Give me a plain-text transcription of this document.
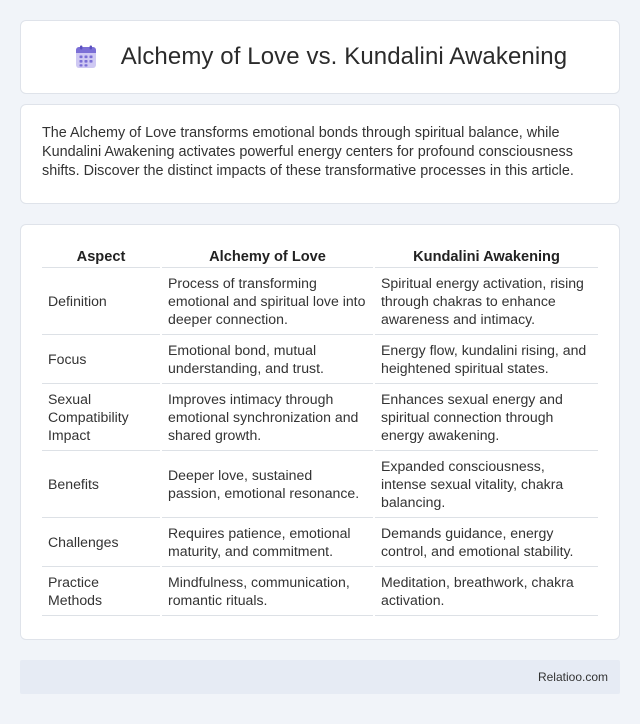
Alchemy of Love vs. Kundalini Awakening

The Alchemy of Love transforms emotional bonds through spiritual balance, while Kundalini Awakening activates powerful energy centers for profound consciousness shifts. Discover the distinct impacts of these transformative processes in this article.

Aspect	Alchemy of Love	Kundalini Awakening
Definition	Process of transforming emotional and spiritual love into deeper connection.	Spiritual energy activation, rising through chakras to enhance awareness and intimacy.
Focus	Emotional bond, mutual understanding, and trust.	Energy flow, kundalini rising, and heightened spiritual states.
Sexual Compatibility Impact	Improves intimacy through emotional synchronization and shared growth.	Enhances sexual energy and spiritual connection through energy awakening.
Benefits	Deeper love, sustained passion, emotional resonance.	Expanded consciousness, intense sexual vitality, chakra balancing.
Challenges	Requires patience, emotional maturity, and commitment.	Demands guidance, energy control, and emotional stability.
Practice Methods	Mindfulness, communication, romantic rituals.	Meditation, breathwork, chakra activation.
Relatioo.com
